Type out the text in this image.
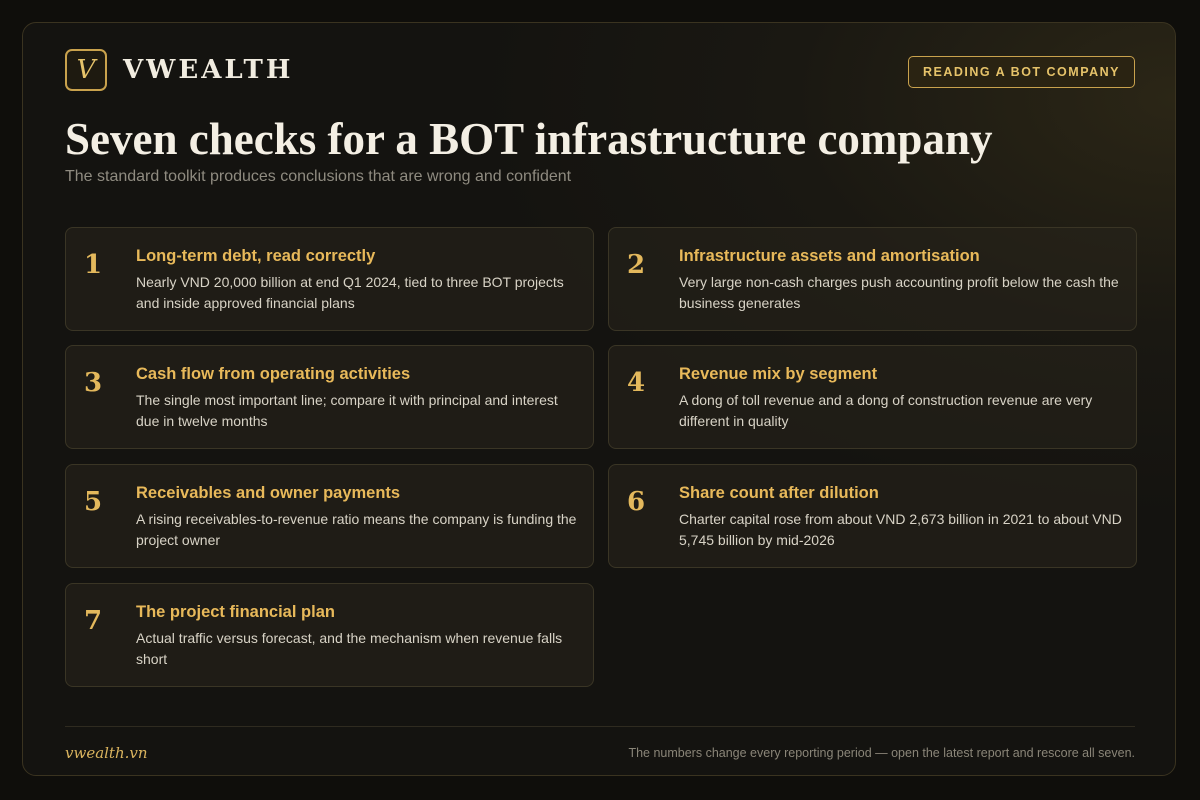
V	VWEALTH	READING A BOT COMPANY
Seven checks for a BOT infrastructure company
The standard toolkit produces conclusions that are wrong and confident
1 Long-term debt, read correctly
Nearly VND 20,000 billion at end Q1 2024, tied to three BOT projects and inside approved financial plans
2 Infrastructure assets and amortisation
Very large non-cash charges push accounting profit below the cash the business generates
3 Cash flow from operating activities
The single most important line; compare it with principal and interest due in twelve months
4 Revenue mix by segment
A dong of toll revenue and a dong of construction revenue are very different in quality
5 Receivables and owner payments
A rising receivables-to-revenue ratio means the company is funding the project owner
6 Share count after dilution
Charter capital rose from about VND 2,673 billion in 2021 to about VND 5,745 billion by mid-2026
7 The project financial plan
Actual traffic versus forecast, and the mechanism when revenue falls short
vwealth.vn	The numbers change every reporting period — open the latest report and rescore all seven.
